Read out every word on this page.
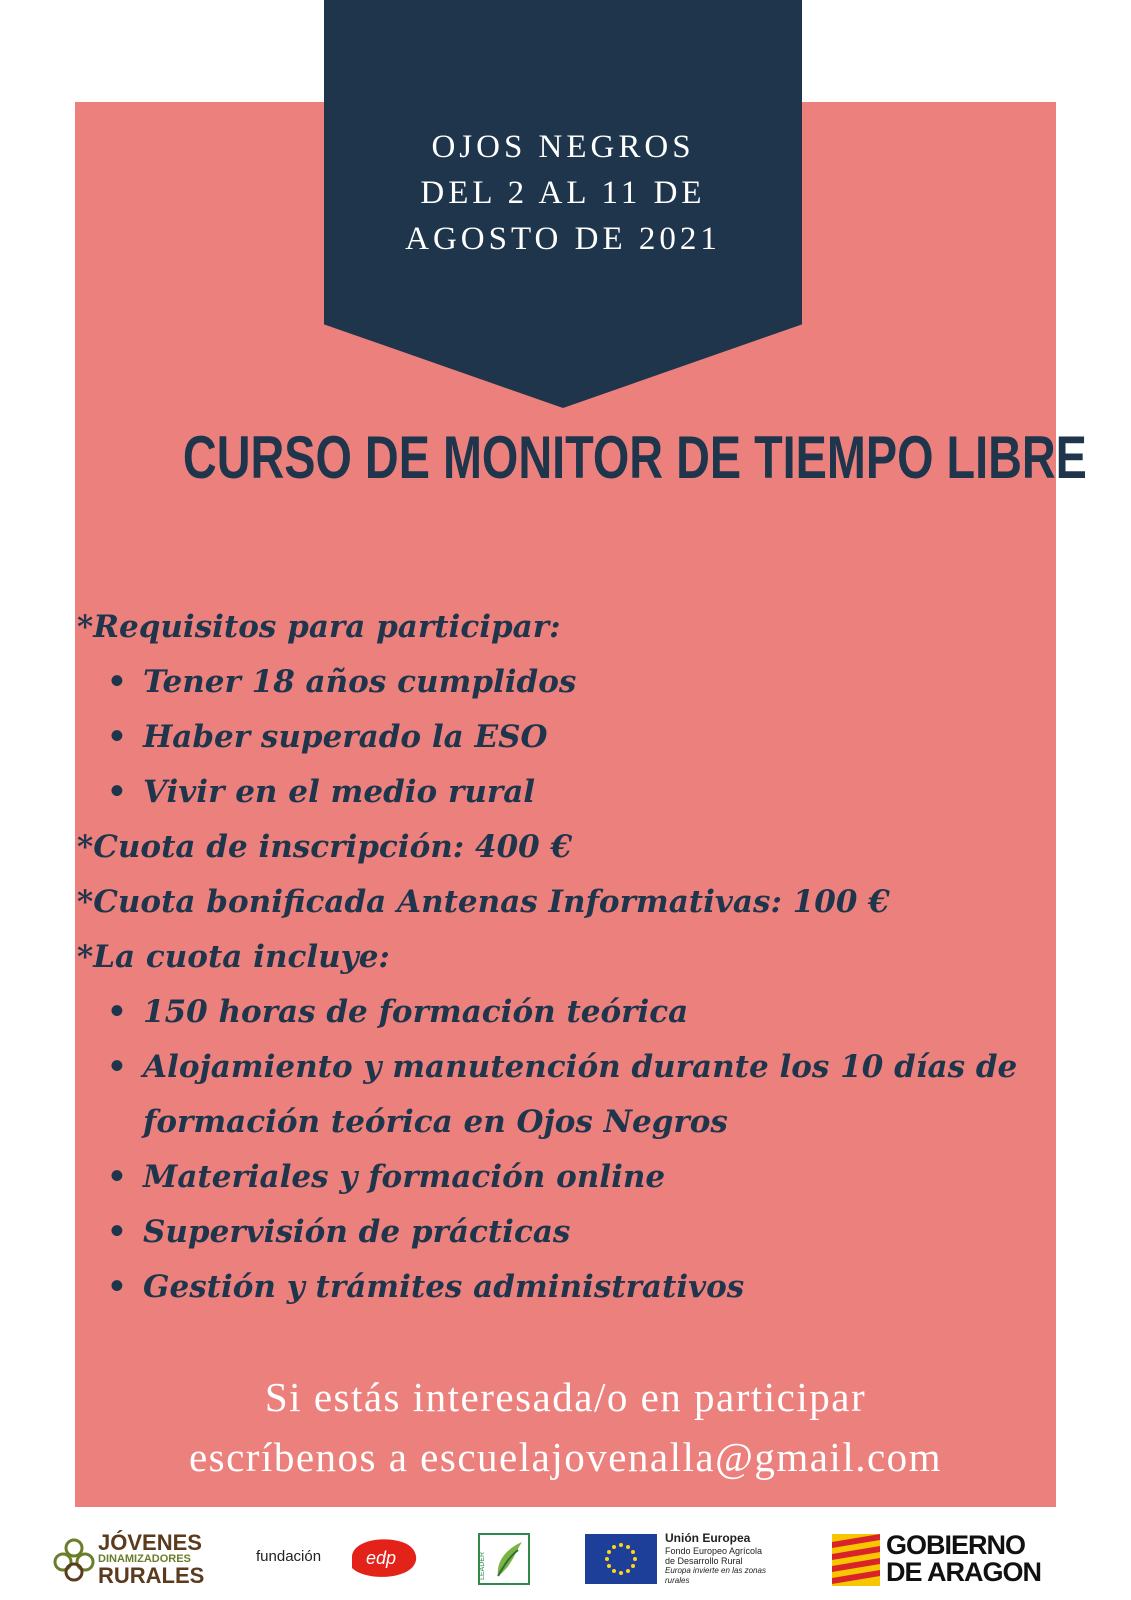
OJOS NEGROS
DEL 2 AL 11 DE
AGOSTO DE 2021
CURSO DE MONITOR DE TIEMPO LIBRE
*Requisitos para participar:
• Tener 18 años cumplidos
• Haber superado la ESO
• Vivir en el medio rural
*Cuota de inscripción: 400 €
*Cuota bonificada Antenas Informativas: 100 €
*La cuota incluye:
• 150 horas de formación teórica
• Alojamiento y manutención durante los 10 días de
formación teórica en Ojos Negros
• Materiales y formación online
• Supervisión de prácticas
• Gestión y trámites administrativos
Si estás interesada/o en participar
escríbenos a escuelajovenalla@gmail.com
JÓVENES
DINAMIZADORES
RURALES
fundación edp	LEADER
Unión Europea
Fondo Europeo Agrícola
de Desarrollo Rural
Europa invierte en las zonas rurales
GOBIERNO
DE ARAGON
